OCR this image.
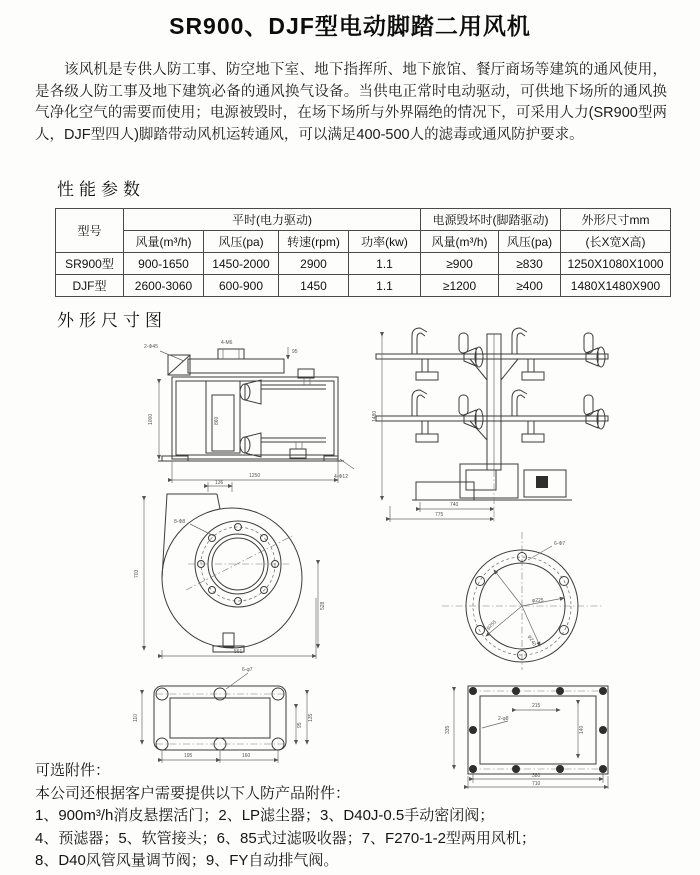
SR900、DJF型电动脚踏二用风机
该风机是专供人防工事、防空地下室、地下指挥所、地下旅馆、餐厅商场等建筑的通风使用，是各级人防工事及地下建筑必备的通风换气设备。当供电正常时电动驱动，可供地下场所的通风换气净化空气的需要而使用；电源被毁时，在场下场所与外界隔绝的情况下，可采用人力(SR900型两人，DJF型四人)脚踏带动风机运转通风，可以满足400-500人的滤毒或通风防护要求。
性能参数
型号	平时(电力驱动)				电源毁坏时(脚踏驱动)		外形尺寸mm
	风量(m³/h)	风压(pa)	转速(rpm)	功率(kw)	风量(m³/h)	风压(pa)	(长X宽X高)
SR900型	900-1650	1450-2000	2900	1.1	≥900	≥830	1250X1080X1000
DJF型	2600-3060	600-900	1450	1.1	≥1200	≥400	1480X1480X900
外形尺寸图
1000
1250
2-Φ45
4-M6
95
860
4-Φ12
1480
740
775
703
561
528
136
8-Φ8
φ225
φ255
φ240
6-Φ7
6-φ7
110
95
135
195	160
215
140
2-φ8
335
380
710
可选附件：
本公司还根据客户需要提供以下人防产品附件：
1、900m³/h消皮悬摆活门；2、LP滤尘器；3、D40J-0.5手动密闭阀；
4、预滤器；5、软管接头；6、85式过滤吸收器；7、F270-1-2型两用风机；
8、D40风管风量调节阀；9、FY自动排气阀。
